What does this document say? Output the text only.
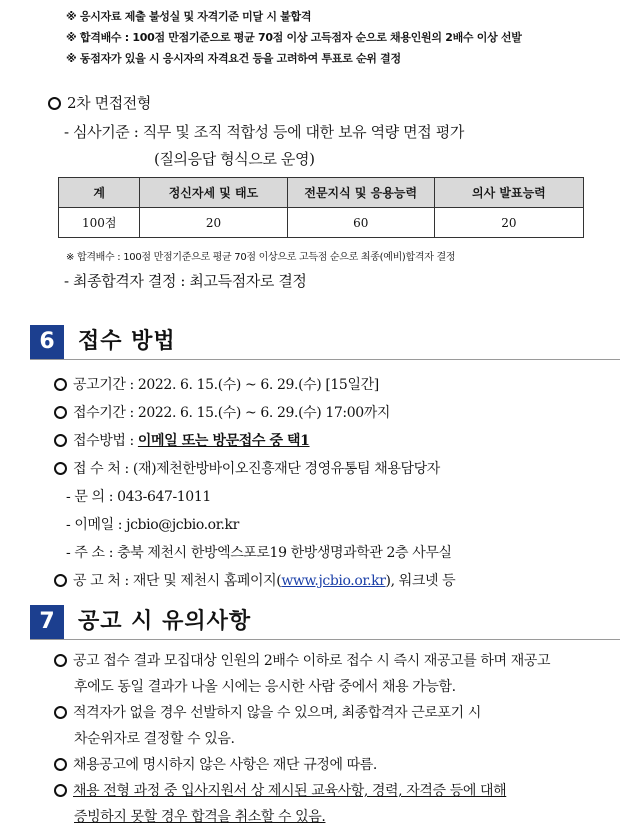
※ 응시자료 제출 불성실 및 자격기준 미달 시 불합격
※ 합격배수 : 100점 만점기준으로 평균 70점 이상 고득점자 순으로 채용인원의 2배수 이상 선발
※ 동점자가 있을 시 응시자의 자격요건 등을 고려하여 투표로 순위 결정
2차 면접전형
- 심사기준 : 직무 및 조직 적합성 등에 대한 보유 역량 면접 평가
(질의응답 형식으로 운영)
계	정신자세 및 태도	전문지식 및 응용능력	의사 발표능력
100점	20	60	20
※ 합격배수 : 100점 만점기준으로 평균 70점 이상으로 고득점 순으로 최종(예비)합격자 결정
- 최종합격자 결정 : 최고득점자로 결정
6	접수 방법
공고기간 : 2022. 6. 15.(수) ~ 6. 29.(수) [15일간]
접수기간 : 2022. 6. 15.(수) ~ 6. 29.(수) 17:00까지
접수방법 : 이메일 또는 방문접수 중 택1
접 수 처 : (재)제천한방바이오진흥재단 경영유통팀 채용담당자
- 문 의 : 043-647-1011
- 이메일 : jcbio@jcbio.or.kr
- 주 소 : 충북 제천시 한방엑스포로19 한방생명과학관 2층 사무실
공 고 처 : 재단 및 제천시 홈페이지(www.jcbio.or.kr), 워크넷 등
7	공고 시 유의사항
공고 접수 결과 모집대상 인원의 2배수 이하로 접수 시 즉시 재공고를 하며 재공고
후에도 동일 결과가 나올 시에는 응시한 사람 중에서 채용 가능함.
적격자가 없을 경우 선발하지 않을 수 있으며, 최종합격자 근로포기 시
차순위자로 결정할 수 있음.
채용공고에 명시하지 않은 사항은 재단 규정에 따름.
채용 전형 과정 중 입사지원서 상 제시된 교육사항, 경력, 자격증 등에 대해
증빙하지 못할 경우 합격을 취소할 수 있음.
